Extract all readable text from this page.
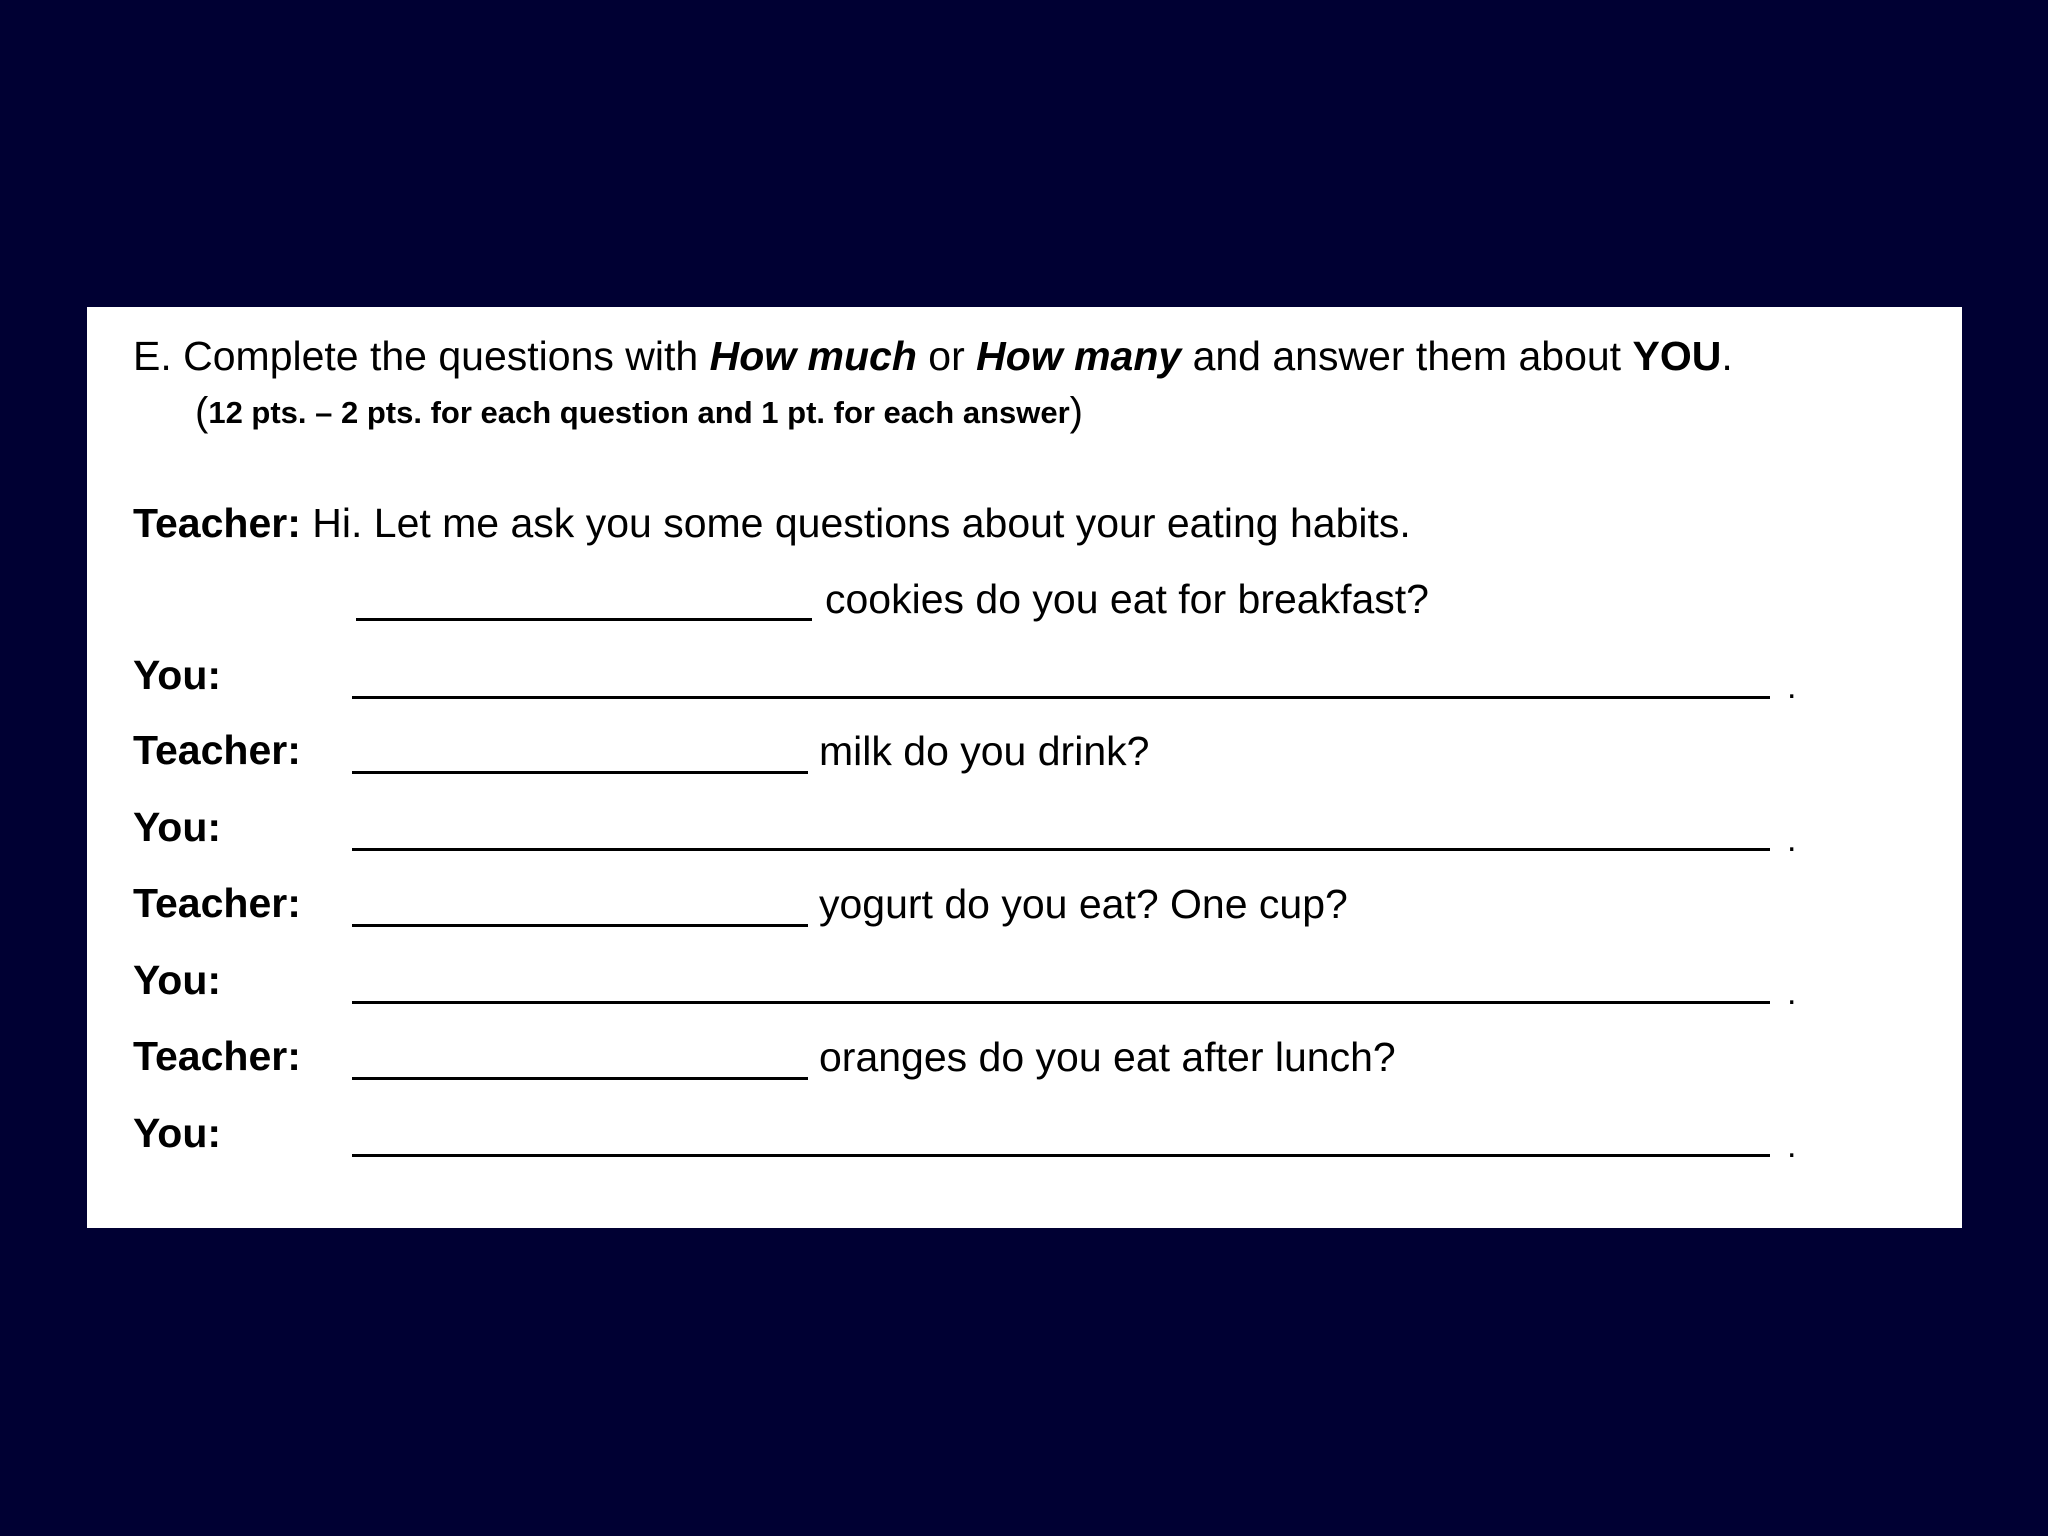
E. Complete the questions with How much or How many and answer them about YOU.
(12 pts. – 2 pts. for each question and 1 pt. for each answer)
Teacher: Hi. Let me ask you some questions about your eating habits.
cookies do you eat for breakfast?
You:	.
Teacher:	milk do you drink?
You:	.
Teacher:	yogurt do you eat? One cup?
You:	.
Teacher:	oranges do you eat after lunch?
You:	.
